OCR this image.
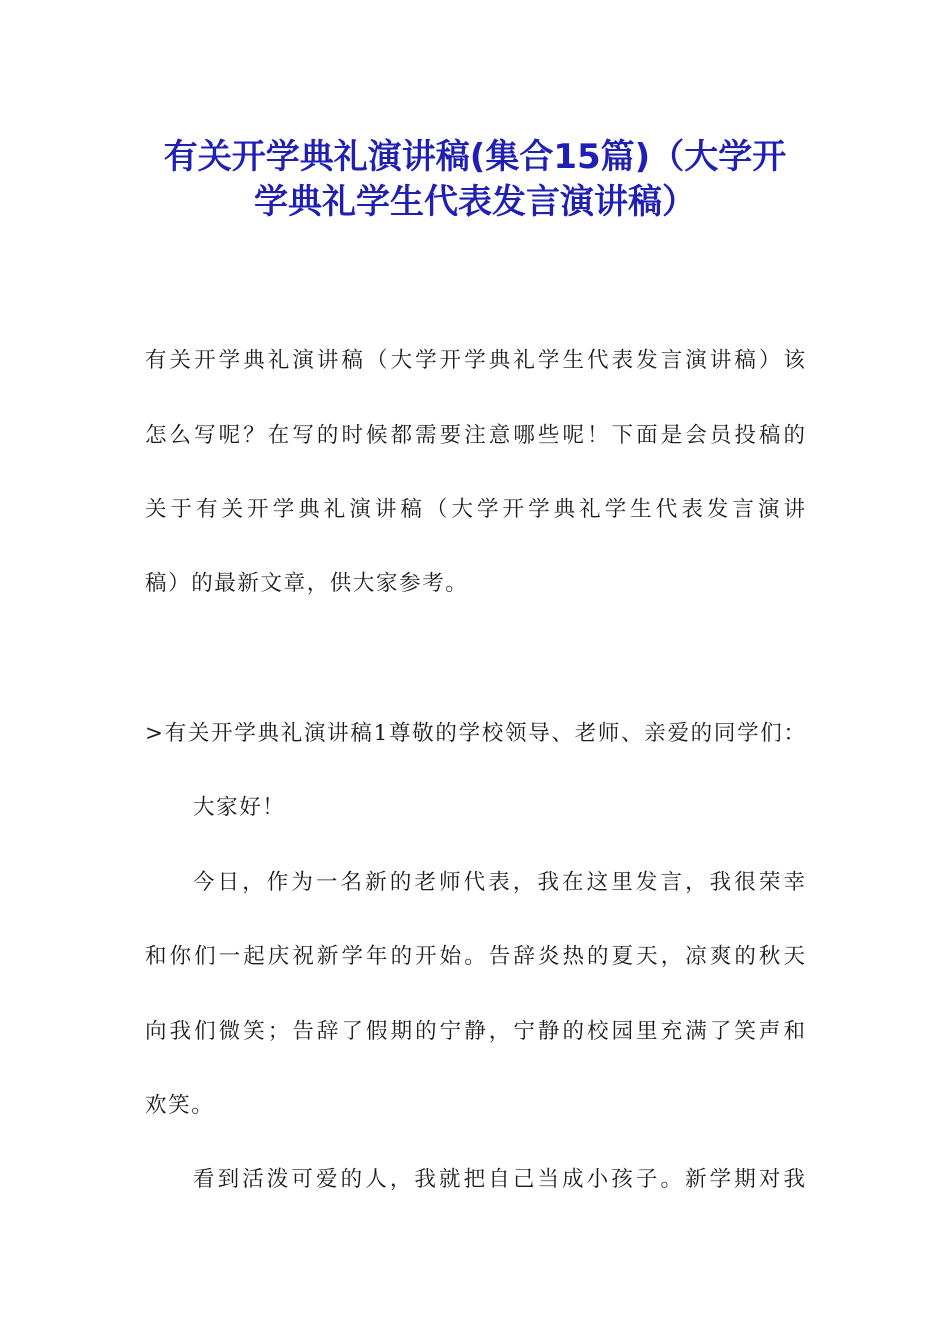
有关开学典礼演讲稿(集合15篇)（大学开
学典礼学生代表发言演讲稿）
有关开学典礼演讲稿（大学开学典礼学生代表发言演讲稿）该
怎么写呢？在写的时候都需要注意哪些呢！下面是会员投稿的
关于有关开学典礼演讲稿（大学开学典礼学生代表发言演讲
稿）的最新文章，供大家参考。
>有关开学典礼演讲稿1尊敬的学校领导、老师、亲爱的同学们：
大家好！
今日，作为一名新的老师代表，我在这里发言，我很荣幸
和你们一起庆祝新学年的开始。告辞炎热的夏天，凉爽的秋天
向我们微笑；告辞了假期的宁静，宁静的校园里充满了笑声和
欢笑。
看到活泼可爱的人，我就把自己当成小孩子。新学期对我
